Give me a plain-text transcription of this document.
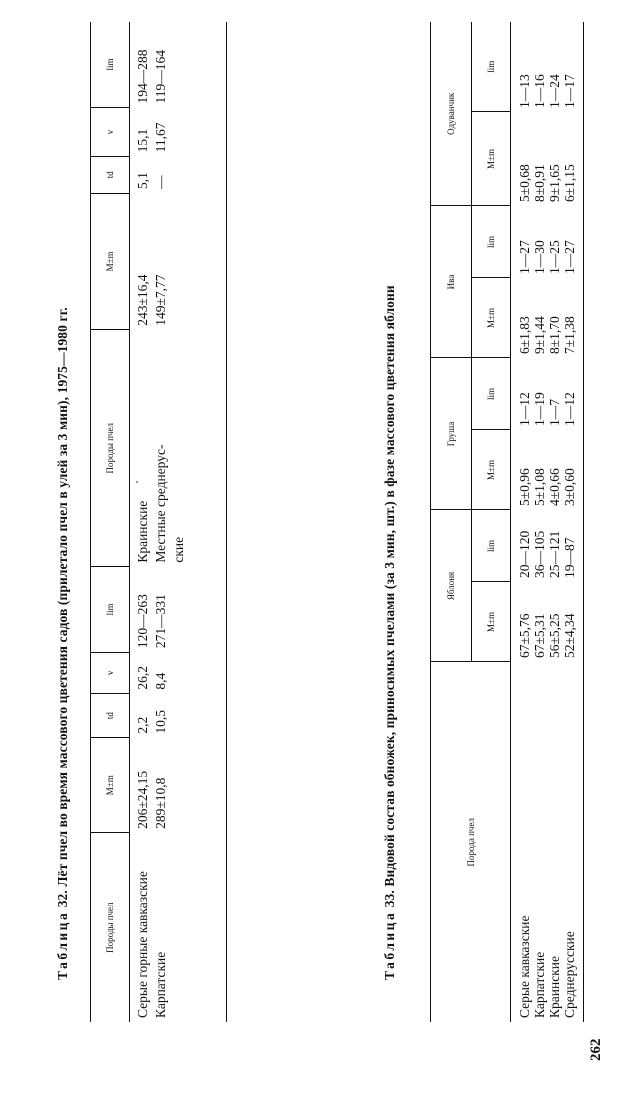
262
Таблица 32. Лёт пчел во время массового цветения садов (прилетало пчел в улей за 3 мин), 1975—1980 гг.
Породы пчел	M±m	td	v	lim	Породы пчел	M±m	td	v	lim
Серые горные кавказские	206±24,15	2,2	26,2	120—263	Краинские	243±16,4	5,1	15,1	194—288
Карпатские	289±10,8	10,5	8,4	271—331	Местные среднерус-	149±7,77	—	11,67	119—164
					ские				
Таблица 33. Видовой состав обножек, приносимых пчелами (за 3 мин, шт.) в фазе массового цветения яблони	Порода пчел	Яблоня		Груша		Ива		Одуванчик	
	M±m	lim	M±m	lim	M±m	lim	M±m	lim
Серые кавказские	67±5,76	20—120	5±0,96	1—12	6±1,83	1—27	5±0,68	1—13
Карпатские	67±5,31	36—105	5±1,08	1—19	9±1,44	1—30	8±0,91	1—16
Краинские	56±5,25	25—121	4±0,66	1—7	8±1,70	1—25	9±1,65	1—24
Среднерусские	52±4,34	19—87	3±0,60	1—12	7±1,38	1—27	6±1,15	1—17
